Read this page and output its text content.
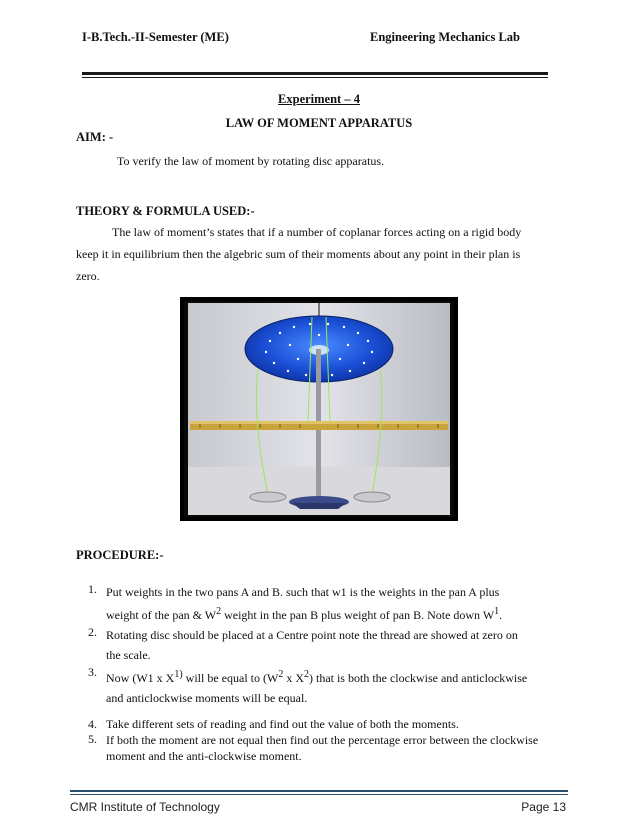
I-B.Tech.-II-Semester (ME)	Engineering Mechanics Lab
Experiment – 4
LAW OF MOMENT APPARATUS
AIM: -
To verify the law of moment by rotating disc apparatus.
THEORY & FORMULA USED:-
The law of moment’s states that if a number of coplanar forces acting on a rigid body
keep it in equilibrium then the algebric sum of their moments about any point in their plan is
zero.
PROCEDURE:-
1. Put weights in the two pans A and B. such that w1 is the weights in the pan A plus
weight of the pan & $W^2$ weight in the pan B plus weight of pan B. Note down $W^1$.
2. Rotating disc should be placed at a Centre point note the thread are showed at zero on
the scale.
3. Now (W1 x $X^{1)}$ will be equal to ($W^2$ x $X^2$) that is both the clockwise and anticlockwise
and anticlockwise moments will be equal.
4. Take different sets of reading and find out the value of both the moments.
5. If both the moment are not equal then find out the percentage error between the clockwise
moment and the anti-clockwise moment.
CMR Institute of Technology	Page 13
